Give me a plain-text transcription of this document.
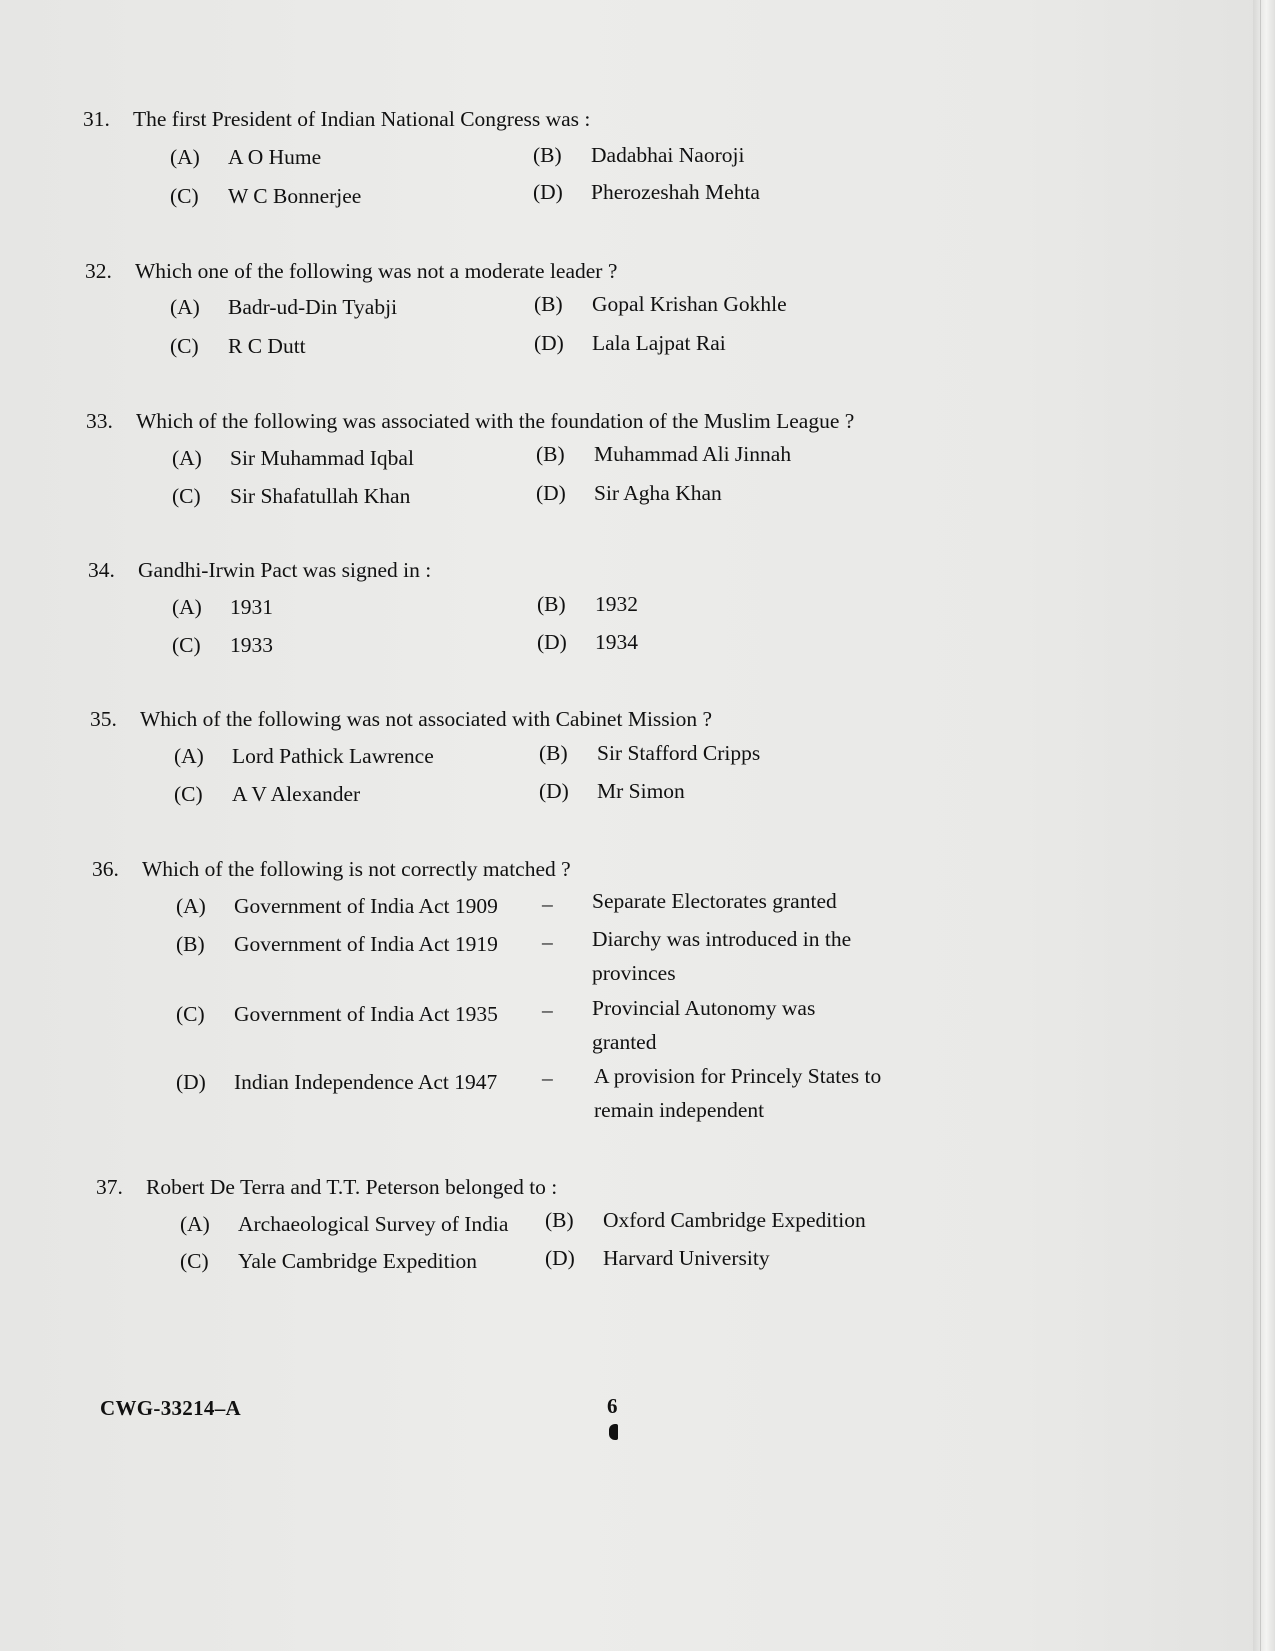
31. The first President of Indian National Congress was :
(A) A O Hume	(B) Dadabhai Naoroji
(C) W C Bonnerjee	(D) Pherozeshah Mehta
32. Which one of the following was not a moderate leader ?
(A) Badr-ud-Din Tyabji	(B) Gopal Krishan Gokhle
(C) R C Dutt	(D) Lala Lajpat Rai
33. Which of the following was associated with the foundation of the Muslim League ?
(A) Sir Muhammad Iqbal	(B) Muhammad Ali Jinnah
(C) Sir Shafatullah Khan	(D) Sir Agha Khan
34. Gandhi-Irwin Pact was signed in :
(A) 1931	(B) 1932
(C) 1933	(D) 1934
35. Which of the following was not associated with Cabinet Mission ?
(A) Lord Pathick Lawrence	(B) Sir Stafford Cripps
(C) A V Alexander	(D) Mr Simon
36. Which of the following is not correctly matched ?
(A) Government of India Act 1909 – Separate Electorates granted
(B) Government of India Act 1919 – Diarchy was introduced in the provinces
(C) Government of India Act 1935 – Provincial Autonomy was granted
(D) Indian Independence Act 1947 – A provision for Princely States to remain independent
37. Robert De Terra and T.T. Peterson belonged to :
(A) Archaeological Survey of India (B) Oxford Cambridge Expedition
(C) Yale Cambridge Expedition	(D) Harvard University
CWG-33214–A	6
